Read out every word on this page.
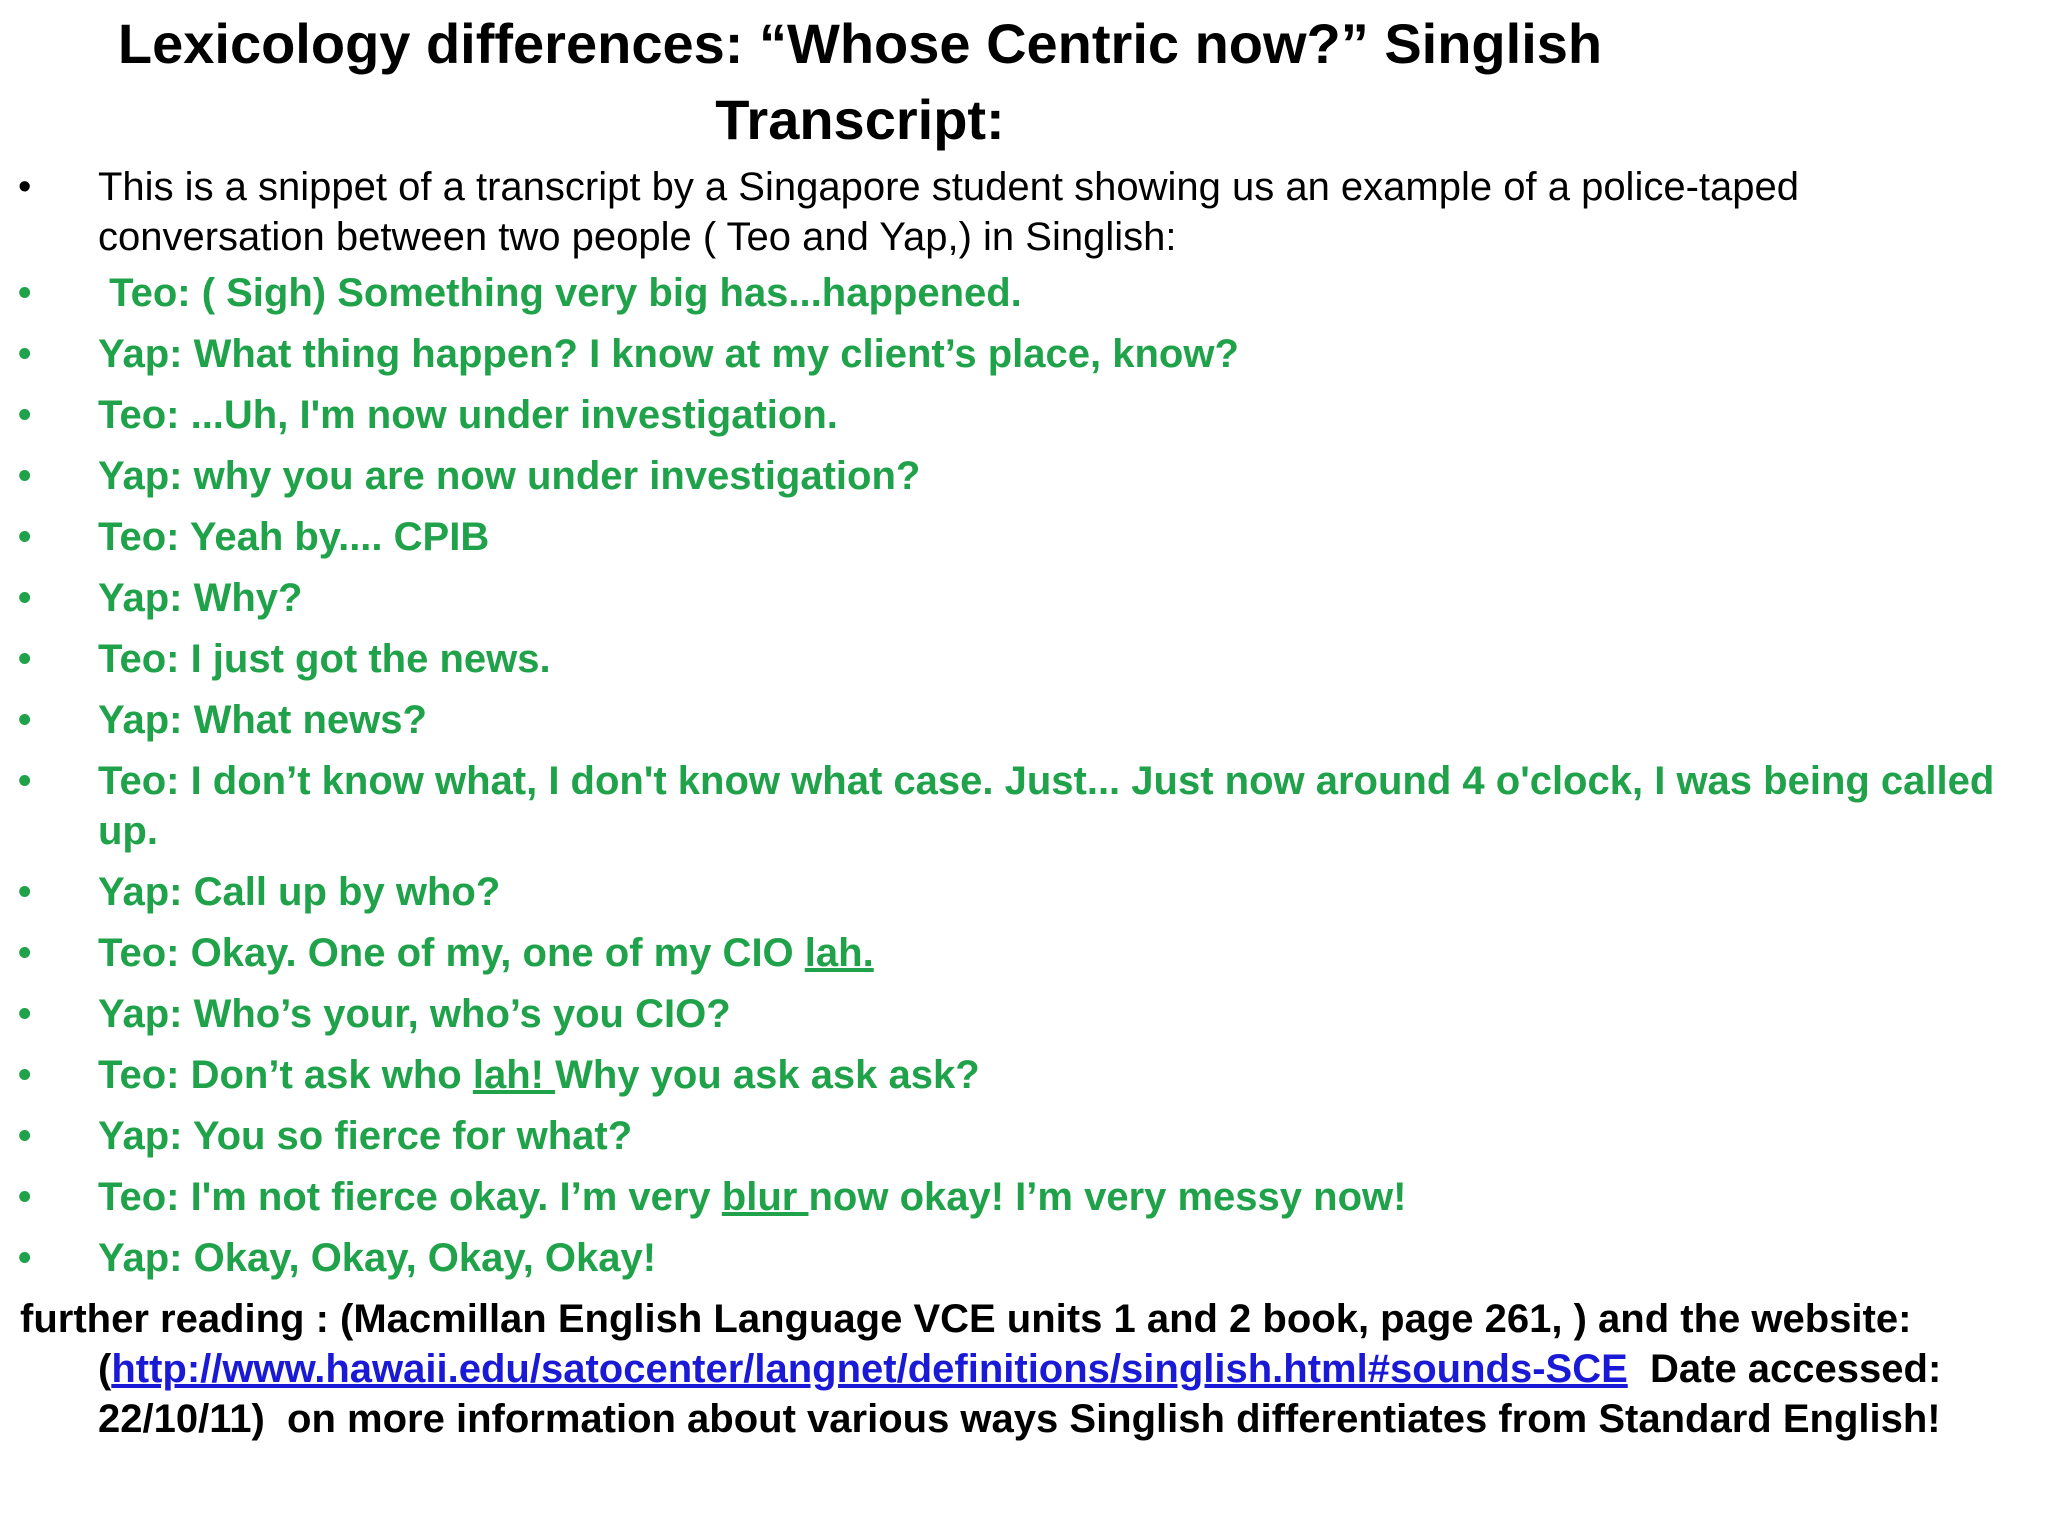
Lexicology differences: “Whose Centric now?” Singlish
Transcript:
• This is a snippet of a transcript by a Singapore student showing us an example of a police-taped conversation between two people ( Teo and Yap,) in Singlish:
• Teo: ( Sigh) Something very big has...happened.
• Yap: What thing happen? I know at my client’s place, know?
• Teo: ...Uh, I'm now under investigation.
• Yap: why you are now under investigation?
• Teo: Yeah by.... CPIB
• Yap: Why?
• Teo: I just got the news.
• Yap: What news?
• Teo: I don’t know what, I don't know what case. Just... Just now around 4 o'clock, I was being called up.
• Yap: Call up by who?
• Teo: Okay. One of my, one of my CIO lah.
• Yap: Who’s your, who’s you CIO?
• Teo: Don’t ask who lah! Why you ask ask ask?
• Yap: You so fierce for what?
• Teo: I'm not fierce okay. I’m very blur now okay! I’m very messy now!
• Yap: Okay, Okay, Okay, Okay!
further reading : (Macmillan English Language VCE units 1 and 2 book, page 261, ) and the website: (http://www.hawaii.edu/satocenter/langnet/definitions/singlish.html#sounds-SCE  Date accessed: 22/10/11)  on more information about various ways Singlish differentiates from Standard English!
